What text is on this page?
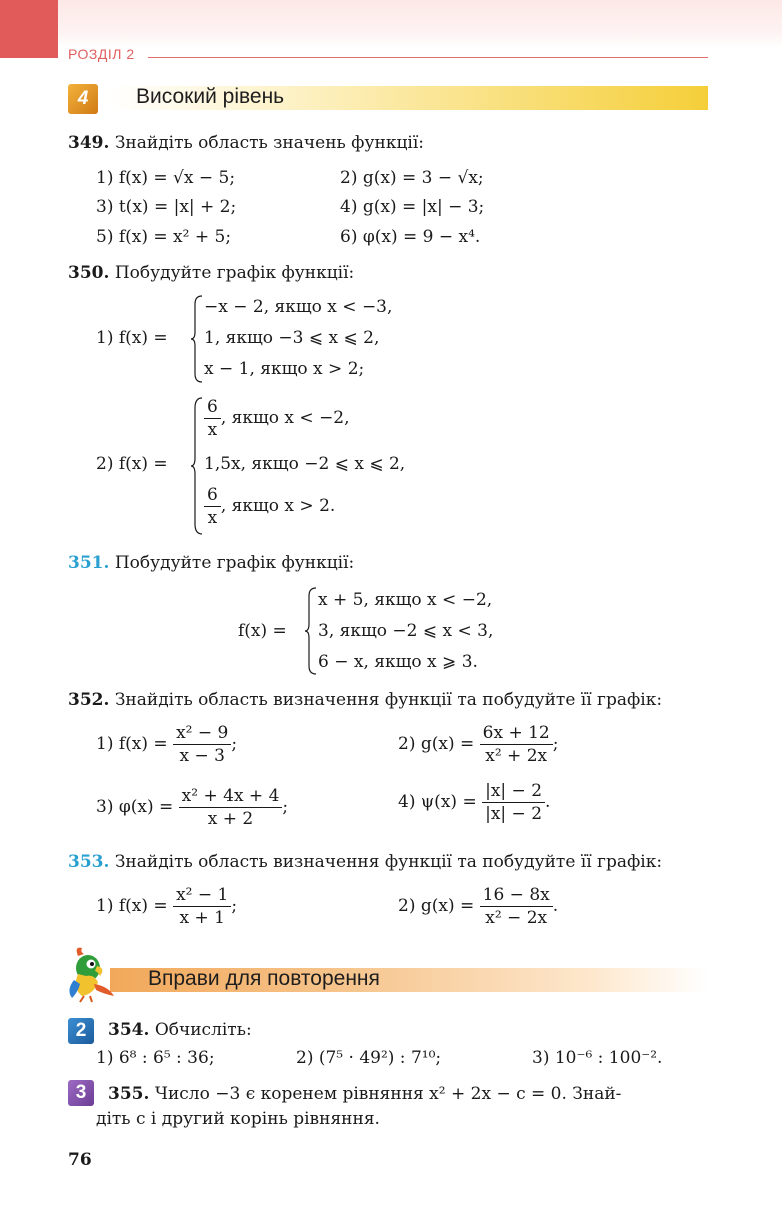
РОЗДІЛ 2
4	Високий рівень
349. Знайдіть область значень функції:
1) f(x) = √x − 5;	2) g(x) = 3 − √x;
3) t(x) = |x| + 2;	4) g(x) = |x| − 3;
5) f(x) = x² + 5;	6) φ(x) = 9 − x⁴.
350. Побудуйте графік функції:
1) f(x) =
−x − 2, якщо x < −3,
1, якщо −3 ⩽ x ⩽ 2,
x − 1, якщо x > 2;
2) f(x) =
$\frac{6}{x}$ , якщо x < −2,
1,5x, якщо −2 ⩽ x ⩽ 2,
$\frac{6}{x}$ , якщо x > 2.
351. Побудуйте графік функції:
f(x) =
x + 5, якщо x < −2,
3, якщо −2 ⩽ x < 3,
6 − x, якщо x ⩾ 3.
352. Знайдіть область визначення функції та побудуйте її графік:
1) $f(x) = \frac{\text{x² − 9}}{x - 3}$ ;	2) $g(x) = \frac{6x + 12}{\text{x² + 2x}}$ ;
3) $\varphi(x) = \frac{\text{x² + 4x + 4}}{x + 2}$ ;	4) $\psi(x) = \frac{|x| - 2}{|x| - 2}$ .
353. Знайдіть область визначення функції та побудуйте її графік:
1) $f(x) = \frac{\text{x² − 1}}{x + 1}$ ;	2) $g(x) = \frac{16 - 8x}{\text{x² − 2x}}$ .
Вправи для повторення
2	354. Обчисліть:
1) 6⁸ : 6⁵ : 36;	2) (7⁵ · 49²) : 7¹⁰;	3) 10⁻⁶ : 100⁻².
3	355. Число −3 є коренем рівняння x² + 2x − c = 0. Знай-
діть c і другий корінь рівняння.
76
